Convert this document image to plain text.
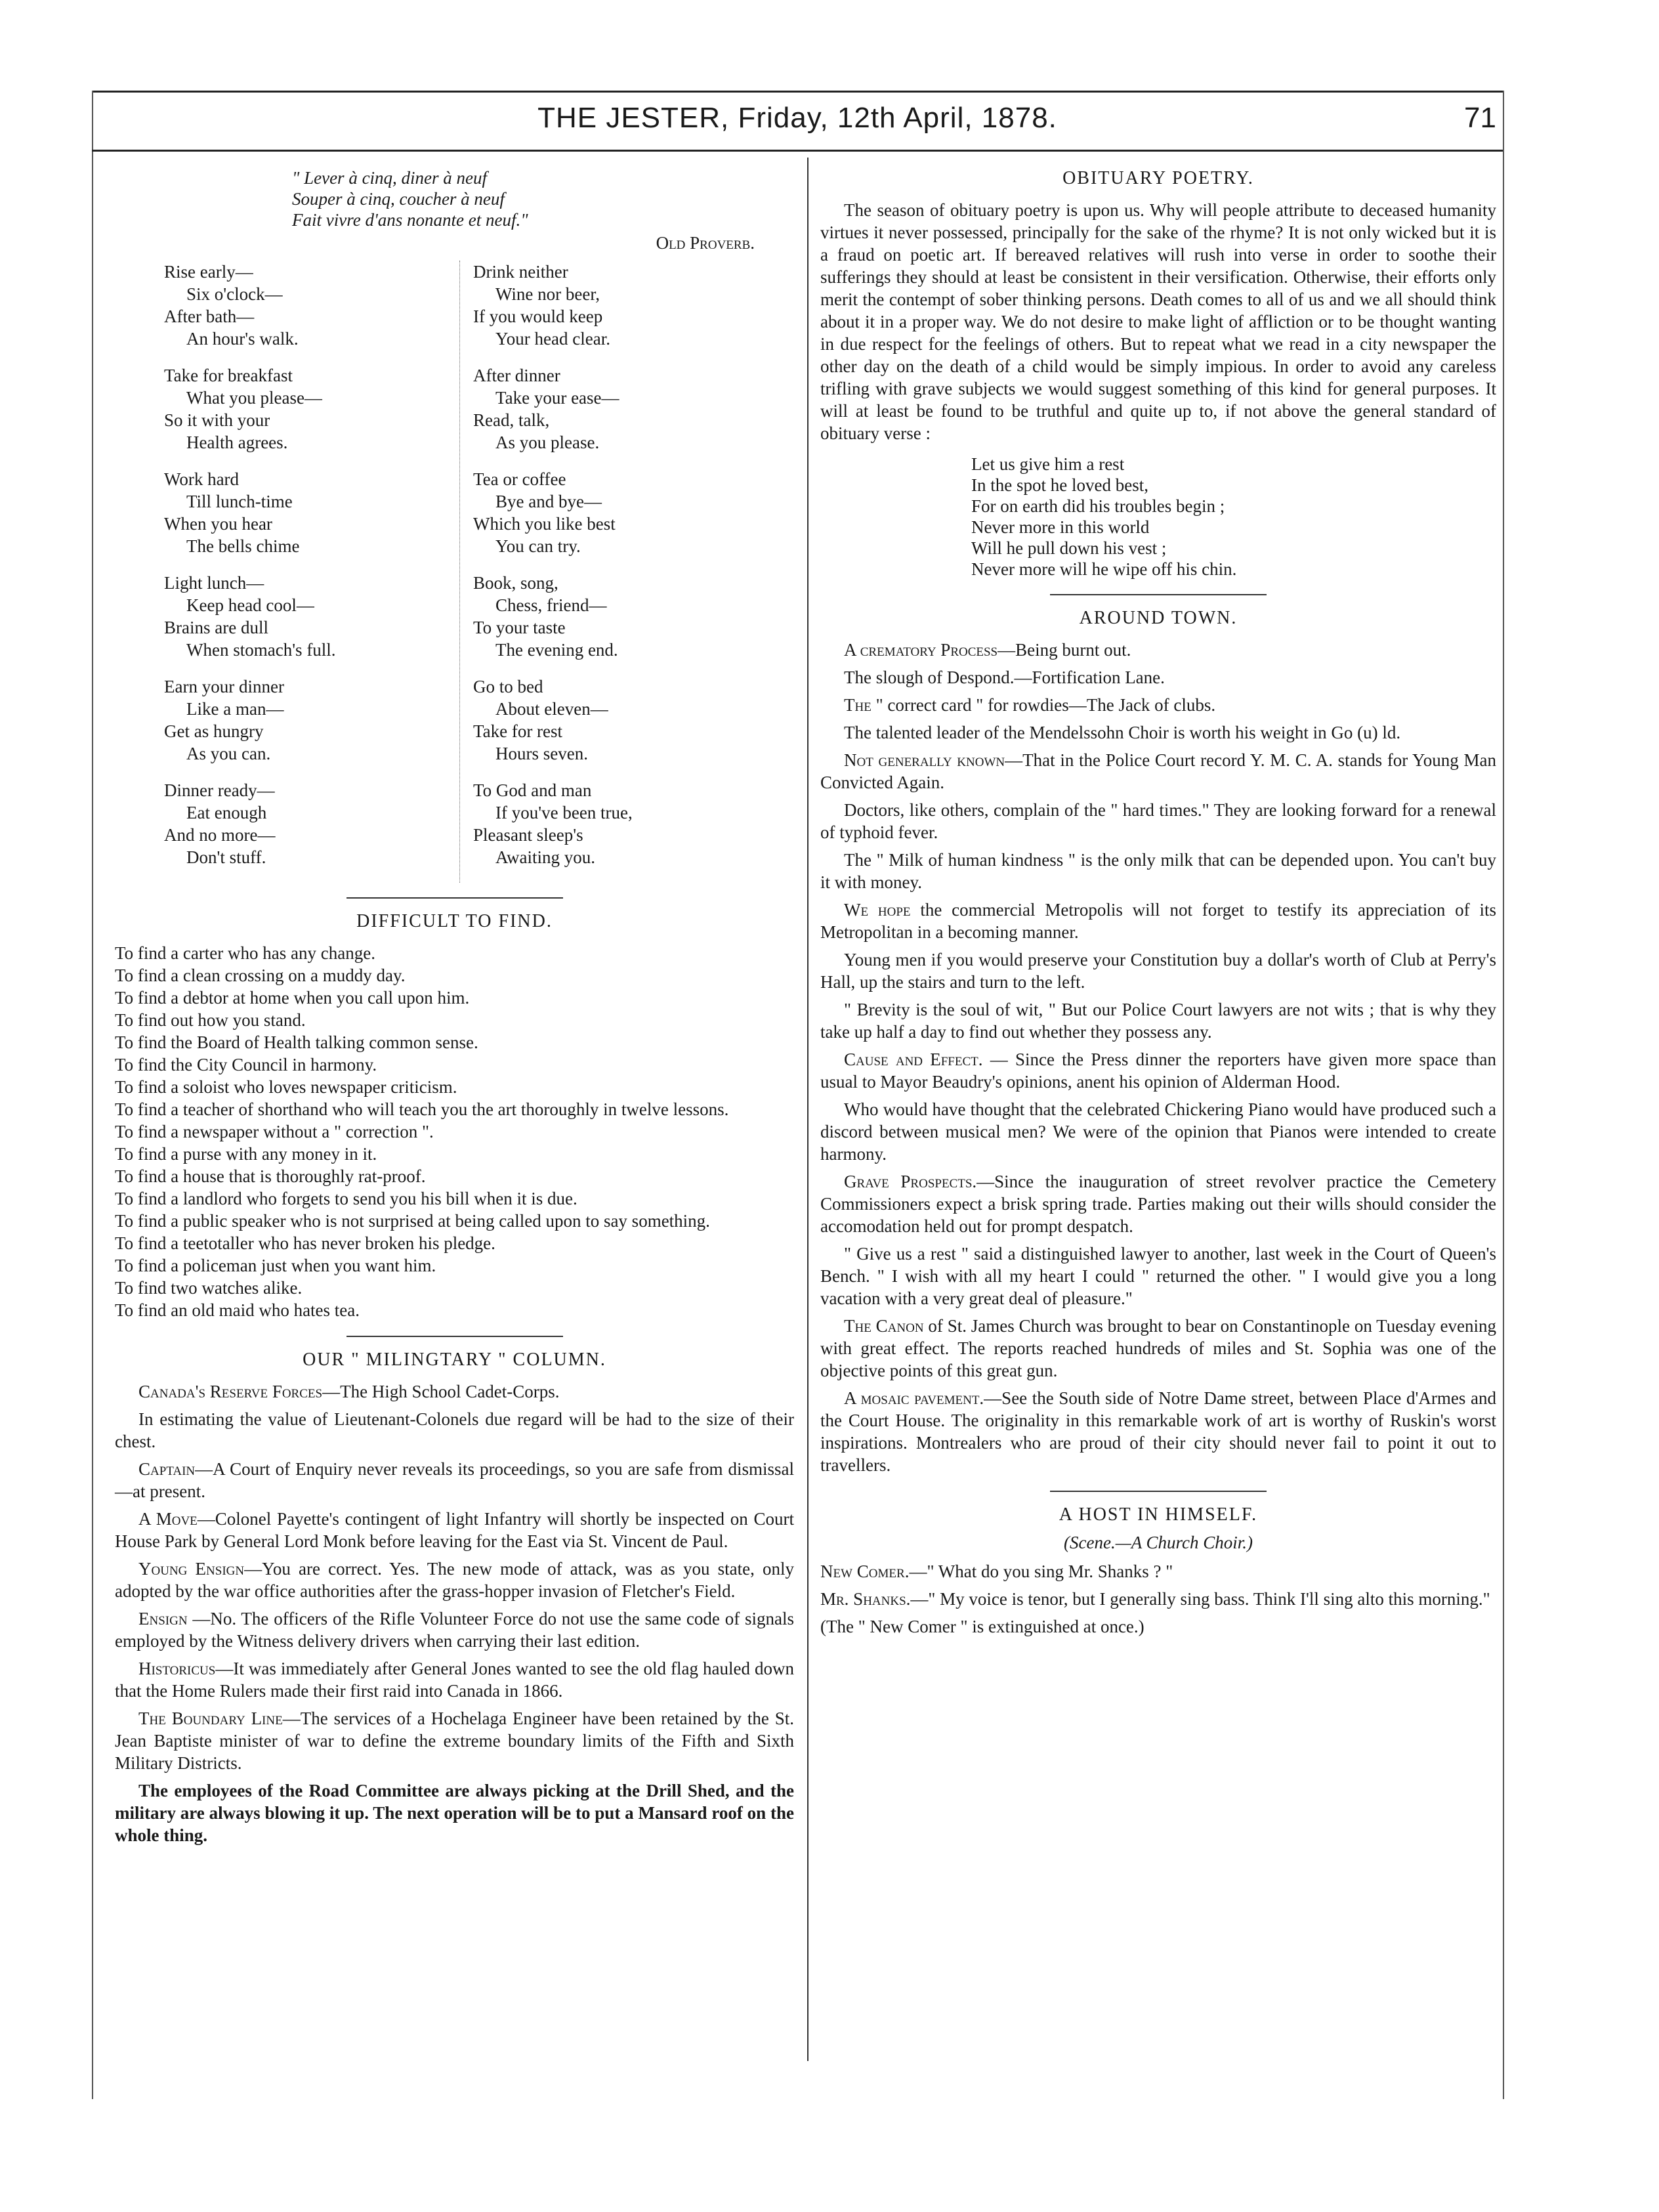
THE JESTER, Friday, 12th April, 1878.	71
" Lever à cinq, diner à neuf
Souper à cinq, coucher à neuf
Fait vivre d'ans nonante et neuf."
Old Proverb.
Rise early—
Six o'clock—
After bath—
An hour's walk.
Take for breakfast
What you please—
So it with your
Health agrees.
Work hard
Till lunch-time
When you hear
The bells chime
Light lunch—
Keep head cool—
Brains are dull
When stomach's full.
Earn your dinner
Like a man—
Get as hungry
As you can.
Dinner ready—
Eat enough
And no more—
Don't stuff.
Drink neither
Wine nor beer,
If you would keep
Your head clear.
After dinner
Take your ease—
Read, talk,
As you please.
Tea or coffee
Bye and bye—
Which you like best
You can try.
Book, song,
Chess, friend—
To your taste
The evening end.
Go to bed
About eleven—
Take for rest
Hours seven.
To God and man
If you've been true,
Pleasant sleep's
Awaiting you.
DIFFICULT TO FIND.
To find a carter who has any change.
To find a clean crossing on a muddy day.
To find a debtor at home when you call upon him.
To find out how you stand.
To find the Board of Health talking common sense.
To find the City Council in harmony.
To find a soloist who loves newspaper criticism.
To find a teacher of shorthand who will teach you the art thoroughly in twelve lessons.
To find a newspaper without a " correction ".
To find a purse with any money in it.
To find a house that is thoroughly rat-proof.
To find a landlord who forgets to send you his bill when it is due.
To find a public speaker who is not surprised at being called upon to say something.
To find a teetotaller who has never broken his pledge.
To find a policeman just when you want him.
To find two watches alike.
To find an old maid who hates tea.
OUR " MILINGTARY " COLUMN.
Canada's Reserve Forces—The High School Cadet-Corps.
In estimating the value of Lieutenant-Colonels due regard will be had to the size of their chest.
Captain—A Court of Enquiry never reveals its proceedings, so you are safe from dismissal—at present.
A Move—Colonel Payette's contingent of light Infantry will shortly be inspected on Court House Park by General Lord Monk before leaving for the East via St. Vincent de Paul.
Young Ensign—You are correct. Yes. The new mode of attack, was as you state, only adopted by the war office authorities after the grass-hopper invasion of Fletcher's Field.
Ensign —No. The officers of the Rifle Volunteer Force do not use the same code of signals employed by the Witness delivery drivers when carrying their last edition.
Historicus—It was immediately after General Jones wanted to see the old flag hauled down that the Home Rulers made their first raid into Canada in 1866.
The Boundary Line—The services of a Hochelaga Engineer have been retained by the St. Jean Baptiste minister of war to define the extreme boundary limits of the Fifth and Sixth Military Districts.
The employees of the Road Committee are always picking at the Drill Shed, and the military are always blowing it up. The next operation will be to put a Mansard roof on the whole thing.
OBITUARY POETRY.
The season of obituary poetry is upon us. Why will people attribute to deceased humanity virtues it never possessed, principally for the sake of the rhyme? It is not only wicked but it is a fraud on poetic art. If bereaved relatives will rush into verse in order to soothe their sufferings they should at least be consistent in their versification. Otherwise, their efforts only merit the contempt of sober thinking persons. Death comes to all of us and we all should think about it in a proper way. We do not desire to make light of affliction or to be thought wanting in due respect for the feelings of others. But to repeat what we read in a city newspaper the other day on the death of a child would be simply impious. In order to avoid any careless trifling with grave subjects we would suggest something of this kind for general purposes. It will at least be found to be truthful and quite up to, if not above the general standard of obituary verse :
Let us give him a rest
In the spot he loved best,
For on earth did his troubles begin ;
Never more in this world
Will he pull down his vest ;
Never more will he wipe off his chin.
AROUND TOWN.
A crematory Process—Being burnt out.
The slough of Despond.—Fortification Lane.
The " correct card " for rowdies—The Jack of clubs.
The talented leader of the Mendelssohn Choir is worth his weight in Go (u) ld.
Not generally known—That in the Police Court record Y. M. C. A. stands for Young Man Convicted Again.
Doctors, like others, complain of the " hard times." They are looking forward for a renewal of typhoid fever.
The " Milk of human kindness " is the only milk that can be depended upon. You can't buy it with money.
We hope the commercial Metropolis will not forget to testify its appreciation of its Metropolitan in a becoming manner.
Young men if you would preserve your Constitution buy a dollar's worth of Club at Perry's Hall, up the stairs and turn to the left.
" Brevity is the soul of wit, " But our Police Court lawyers are not wits ; that is why they take up half a day to find out whether they possess any.
Cause and Effect. — Since the Press dinner the reporters have given more space than usual to Mayor Beaudry's opinions, anent his opinion of Alderman Hood.
Who would have thought that the celebrated Chickering Piano would have produced such a discord between musical men? We were of the opinion that Pianos were intended to create harmony.
Grave Prospects.—Since the inauguration of street revolver practice the Cemetery Commissioners expect a brisk spring trade. Parties making out their wills should consider the accomodation held out for prompt despatch.
" Give us a rest " said a distinguished lawyer to another, last week in the Court of Queen's Bench. " I wish with all my heart I could " returned the other. " I would give you a long vacation with a very great deal of pleasure."
The Canon of St. James Church was brought to bear on Constantinople on Tuesday evening with great effect. The reports reached hundreds of miles and St. Sophia was one of the objective points of this great gun.
A mosaic pavement.—See the South side of Notre Dame street, between Place d'Armes and the Court House. The originality in this remarkable work of art is worthy of Ruskin's worst inspirations. Montrealers who are proud of their city should never fail to point it out to travellers.
A HOST IN HIMSELF.
(Scene.—A Church Choir.)
New Comer.—" What do you sing Mr. Shanks ? "
Mr. Shanks.—" My voice is tenor, but I generally sing bass. Think I'll sing alto this morning."
(The " New Comer " is extinguished at once.)
